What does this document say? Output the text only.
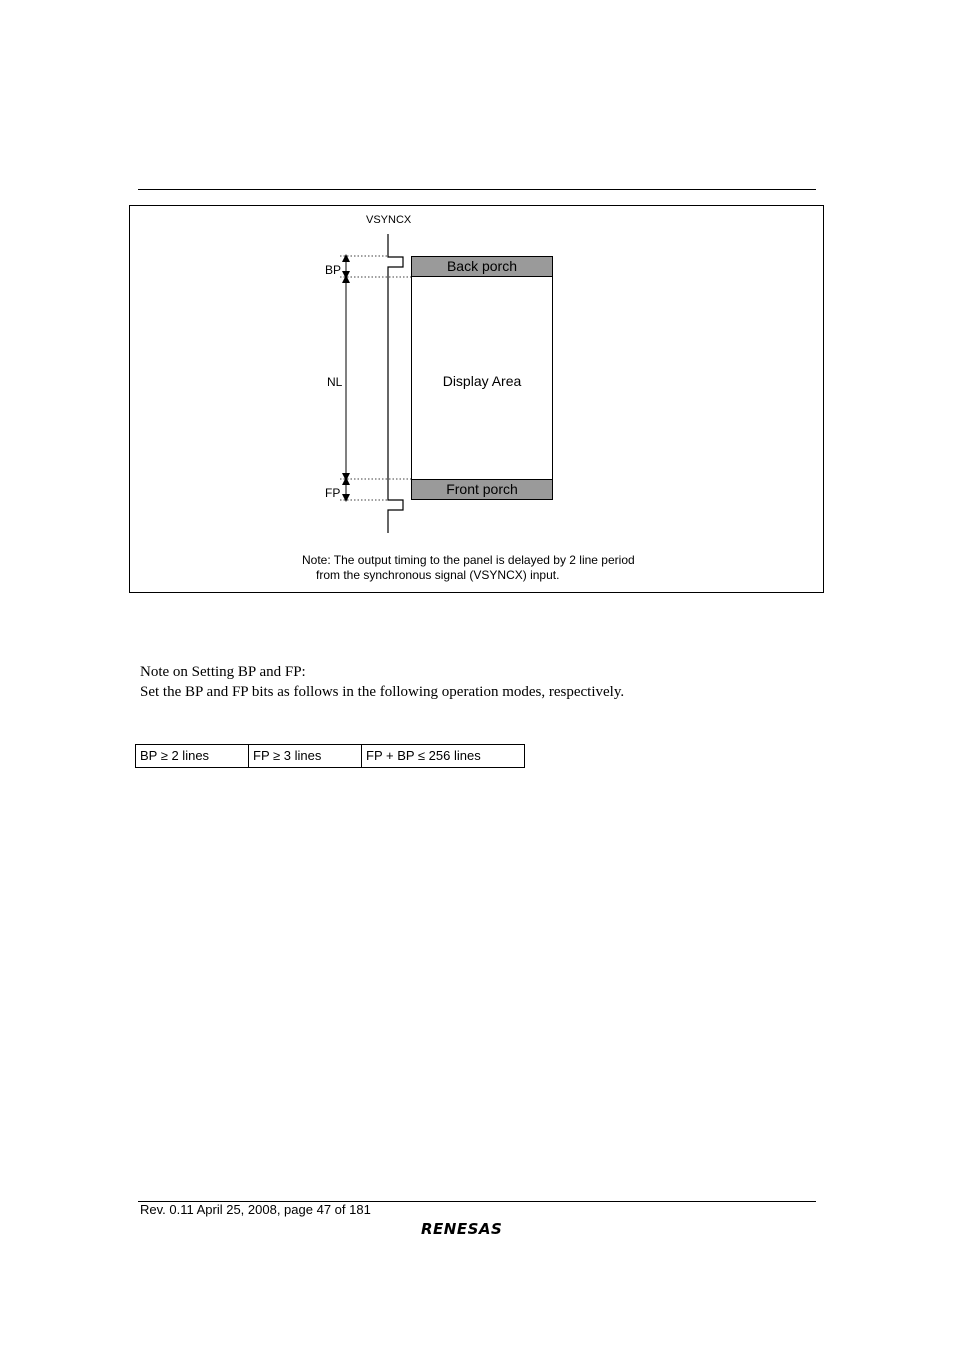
VSYNCX
BP
NL
FP
Back porch
Display Area
Front porch
Note: The output timing to the panel is delayed by 2 line period
from the synchronous signal (VSYNCX) input.
Note on Setting BP and FP:
Set the BP and FP bits as follows in the following operation modes, respectively.
BP ≥ 2 lines	FP ≥ 3 lines	FP + BP ≤ 256 lines
Rev. 0.11 April 25, 2008, page 47 of 181
RENESAS
